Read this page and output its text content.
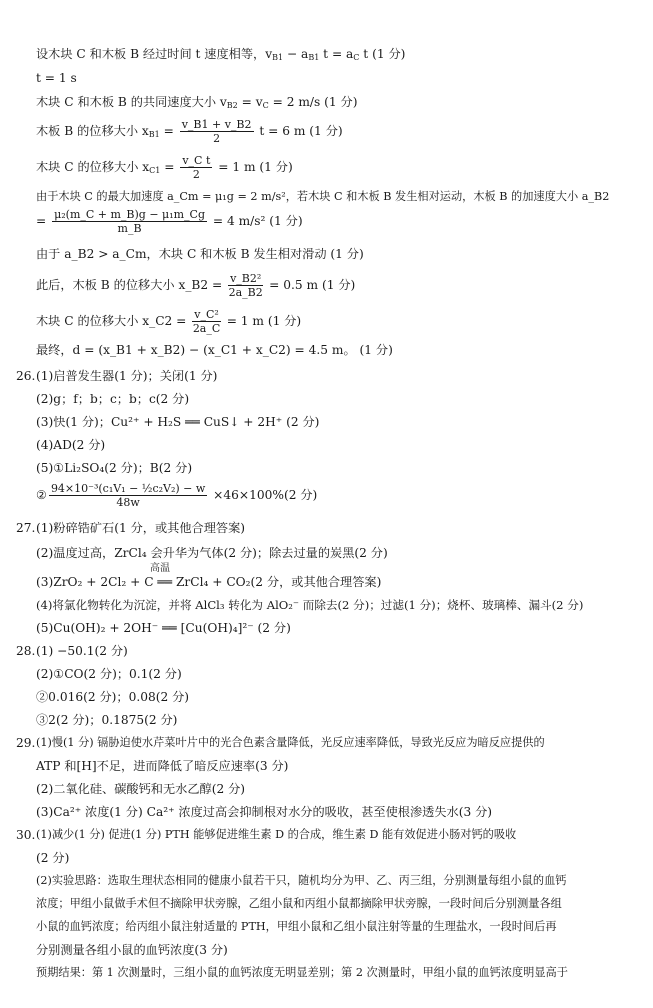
设木块 C 和木板 B 经过时间 t 速度相等，$v_{B1} - a_{B1}$ $t = a_C$ t (1 分)
t = 1 s
木块 C 和木板 B 的共同速度大小 $v_{B2} = v_C = 2$ m/s (1 分)
木板 B 的位移大小 $x_{B1} = \frac{v\_B1 + v\_B2}{2}$ t = 6 m (1 分)
木块 C 的位移大小 $x_{C1} = \frac{\text{v\_C t}}{2} = 1$ m (1 分)
由于木块 C 的最大加速度 a_Cm = μ₁g = 2 m/s²，若木块 C 和木板 B 发生相对运动，木板 B 的加速度大小 a_B2
= $\frac{\text{μ₂(m\_C + m\_B)g − μ₁m\_Cg}}{m\_B} = 4$ m/s² (1 分)
由于 a_B2 > a_Cm，木块 C 和木板 B 发生相对滑动 (1 分)
此后，木板 B 的位移大小 x_B2 = $\frac{\text{v\_B2²}}{2a\_B2} = 0.5$ m (1 分)
木块 C 的位移大小 x_C2 = $\frac{\text{v\_C²}}{2a\_C} = 1$ m (1 分)
最终，d = (x_B1 + x_B2) − (x_C1 + x_C2) = 4.5 m。 (1 分)
26. (1)启普发生器(1 分)；关闭(1 分)
(2)g；f；b；c；b；c(2 分)
(3)快(1 分)；Cu²⁺ + H₂S ══ CuS↓ + 2H⁺ (2 分)
(4)AD(2 分)
(5)①Li₂SO₄(2 分)；B(2 分)
② $\frac{\text{94×10⁻³(c₁V₁ − ½c₂V₂) − w}}{48w} \times 46\times 100\%(2$ 分)
27. (1)粉碎锆矿石(1 分，或其他合理答案)
(2)温度过高，ZrCl₄ 会升华为气体(2 分)；除去过量的炭黑(2 分)
高温
(3)ZrO₂ + 2Cl₂ + C ══ ZrCl₄ + CO₂(2 分，或其他合理答案)
(4)将氯化物转化为沉淀，并将 AlCl₃ 转化为 AlO₂⁻ 而除去(2 分)；过滤(1 分)；烧杯、玻璃棒、漏斗(2 分)
(5)Cu(OH)₂ + 2OH⁻ ══ [Cu(OH)₄]²⁻ (2 分)
28. (1) −50.1(2 分)
(2)①CO(2 分)；0.1(2 分)
②0.016(2 分)；0.08(2 分)
③2(2 分)；0.1875(2 分)
29. (1)慢(1 分) 镉胁迫使水芹菜叶片中的光合色素含量降低，光反应速率降低，导致光反应为暗反应提供的
ATP 和[H]不足，进而降低了暗反应速率(3 分)
(2)二氧化硅、碳酸钙和无水乙醇(2 分)
(3)Ca²⁺ 浓度(1 分) Ca²⁺ 浓度过高会抑制根对水分的吸收，甚至使根渗透失水(3 分)
30. (1)减少(1 分) 促进(1 分) PTH 能够促进维生素 D 的合成，维生素 D 能有效促进小肠对钙的吸收
(2 分)
(2)实验思路：选取生理状态相同的健康小鼠若干只，随机均分为甲、乙、丙三组，分别测量每组小鼠的血钙
浓度；甲组小鼠做手术但不摘除甲状旁腺，乙组小鼠和丙组小鼠都摘除甲状旁腺，一段时间后分别测量各组
小鼠的血钙浓度；给丙组小鼠注射适量的 PTH，甲组小鼠和乙组小鼠注射等量的生理盐水，一段时间后再
分别测量各组小鼠的血钙浓度(3 分)
预期结果：第 1 次测量时，三组小鼠的血钙浓度无明显差别；第 2 次测量时，甲组小鼠的血钙浓度明显高于
